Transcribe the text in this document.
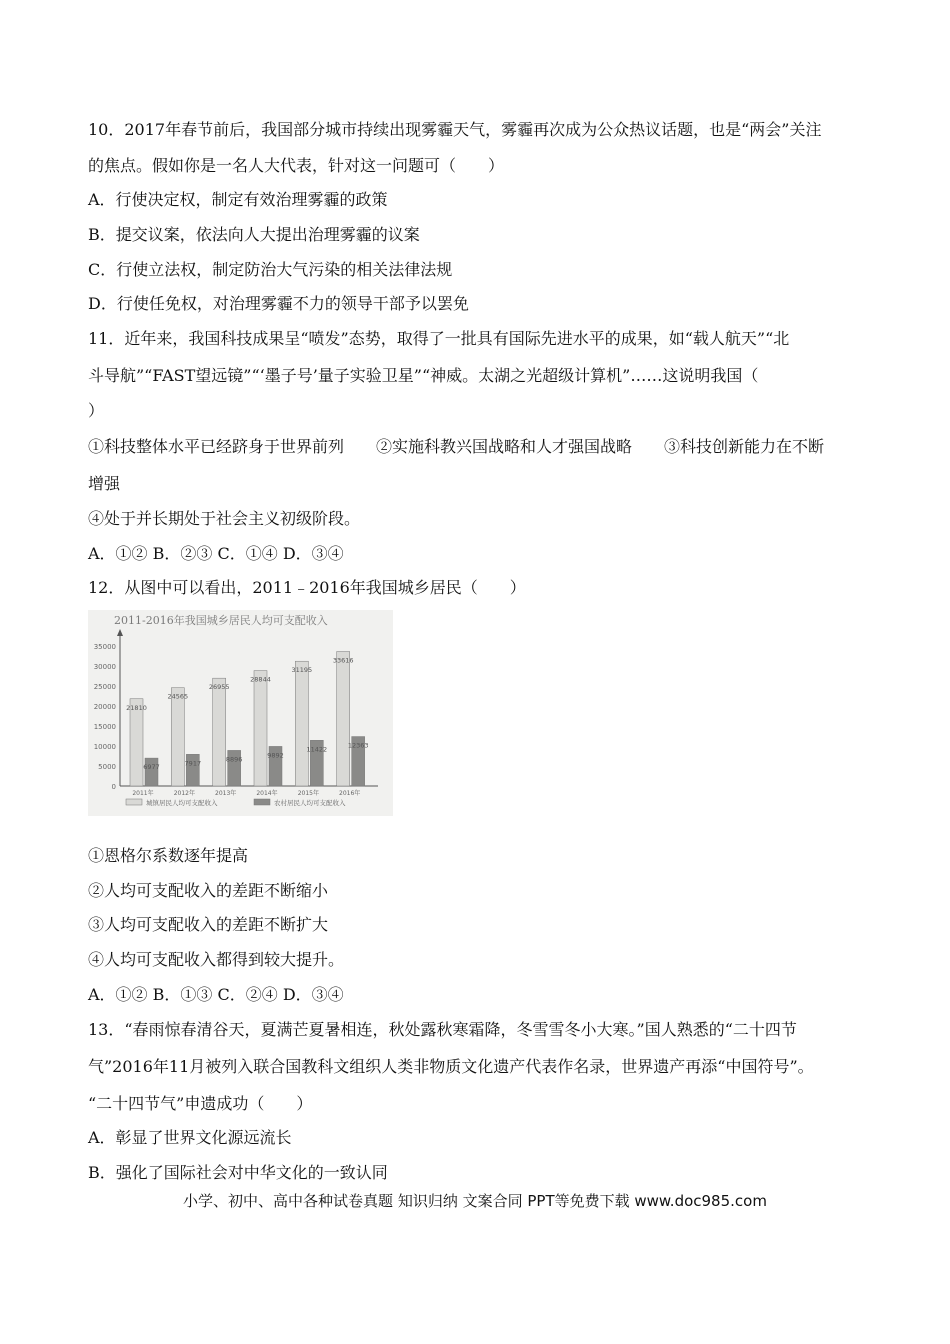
10．2017年春节前后，我国部分城市持续出现雾霾天气，雾霾再次成为公众热议话题，也是“两会”关注
的焦点。假如你是一名人大代表，针对这一问题可（　　）
A．行使决定权，制定有效治理雾霾的政策
B．提交议案，依法向人大提出治理雾霾的议案
C．行使立法权，制定防治大气污染的相关法律法规
D．行使任免权，对治理雾霾不力的领导干部予以罢免
11．近年来，我国科技成果呈“喷发”态势，取得了一批具有国际先进水平的成果，如“载人航天”“北
斗导航”“FAST望远镜”“‘墨子号’量子实验卫星”“神威。太湖之光超级计算机”……这说明我国（
）
①科技整体水平已经跻身于世界前列　　②实施科教兴国战略和人才强国战略　　③科技创新能力在不断
增强
④处于并长期处于社会主义初级阶段。
A．①② B．②③ C．①④ D．③④
12．从图中可以看出，2011﹣2016年我国城乡居民（　　）
2011-2016年我国城乡居民人均可支配收入
35000
30000
25000
20000
15000
10000
5000
0
21810
6977
2011年
24565
7917
2012年
26955
8896
2013年
28844
9892
2014年
31195
11422
2015年
33616
12363
2016年
城镇居民人均可支配收入	农村居民人均可支配收入
①恩格尔系数逐年提高
②人均可支配收入的差距不断缩小
③人均可支配收入的差距不断扩大
④人均可支配收入都得到较大提升。
A．①② B．①③ C．②④ D．③④
13．“春雨惊春清谷天，夏满芒夏暑相连，秋处露秋寒霜降，冬雪雪冬小大寒。”国人熟悉的“二十四节
气”2016年11月被列入联合国教科文组织人类非物质文化遗产代表作名录，世界遗产再添“中国符号”。
“二十四节气”申遗成功（　　）
A．彰显了世界文化源远流长
B．强化了国际社会对中华文化的一致认同
小学、初中、高中各种试卷真题 知识归纳 文案合同 PPT等免费下载 www.doc985.com
